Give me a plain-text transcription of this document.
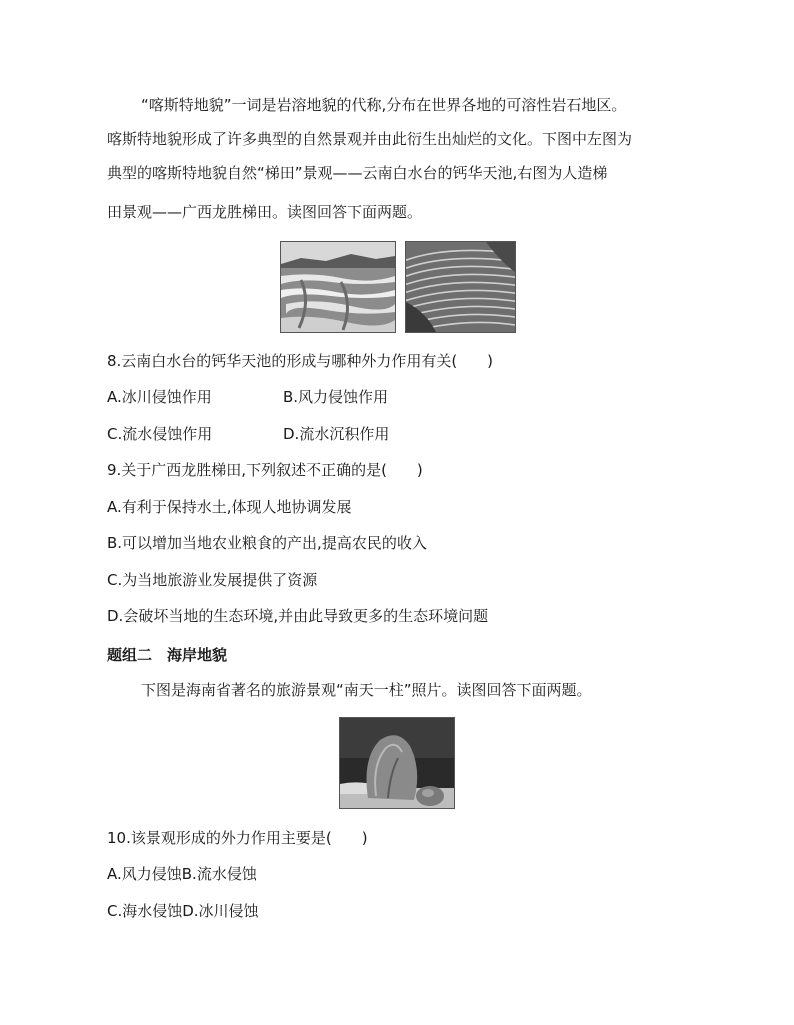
“喀斯特地貌”一词是岩溶地貌的代称,分布在世界各地的可溶性岩石地区。
喀斯特地貌形成了许多典型的自然景观并由此衍生出灿烂的文化。下图中左图为
典型的喀斯特地貌自然“梯田”景观——云南白水台的钙华天池,右图为人造梯
田景观——广西龙胜梯田。读图回答下面两题。
8.云南白水台的钙华天池的形成与哪种外力作用有关(　　)
A.冰川侵蚀作用	B.风力侵蚀作用
C.流水侵蚀作用	D.流水沉积作用
9.关于广西龙胜梯田,下列叙述不正确的是(　　)
A.有利于保持水土,体现人地协调发展
B.可以增加当地农业粮食的产出,提高农民的收入
C.为当地旅游业发展提供了资源
D.会破坏当地的生态环境,并由此导致更多的生态环境问题
题组二　海岸地貌
下图是海南省著名的旅游景观“南天一柱”照片。读图回答下面两题。
10.该景观形成的外力作用主要是(　　)
A.风力侵蚀B.流水侵蚀
C.海水侵蚀D.冰川侵蚀
